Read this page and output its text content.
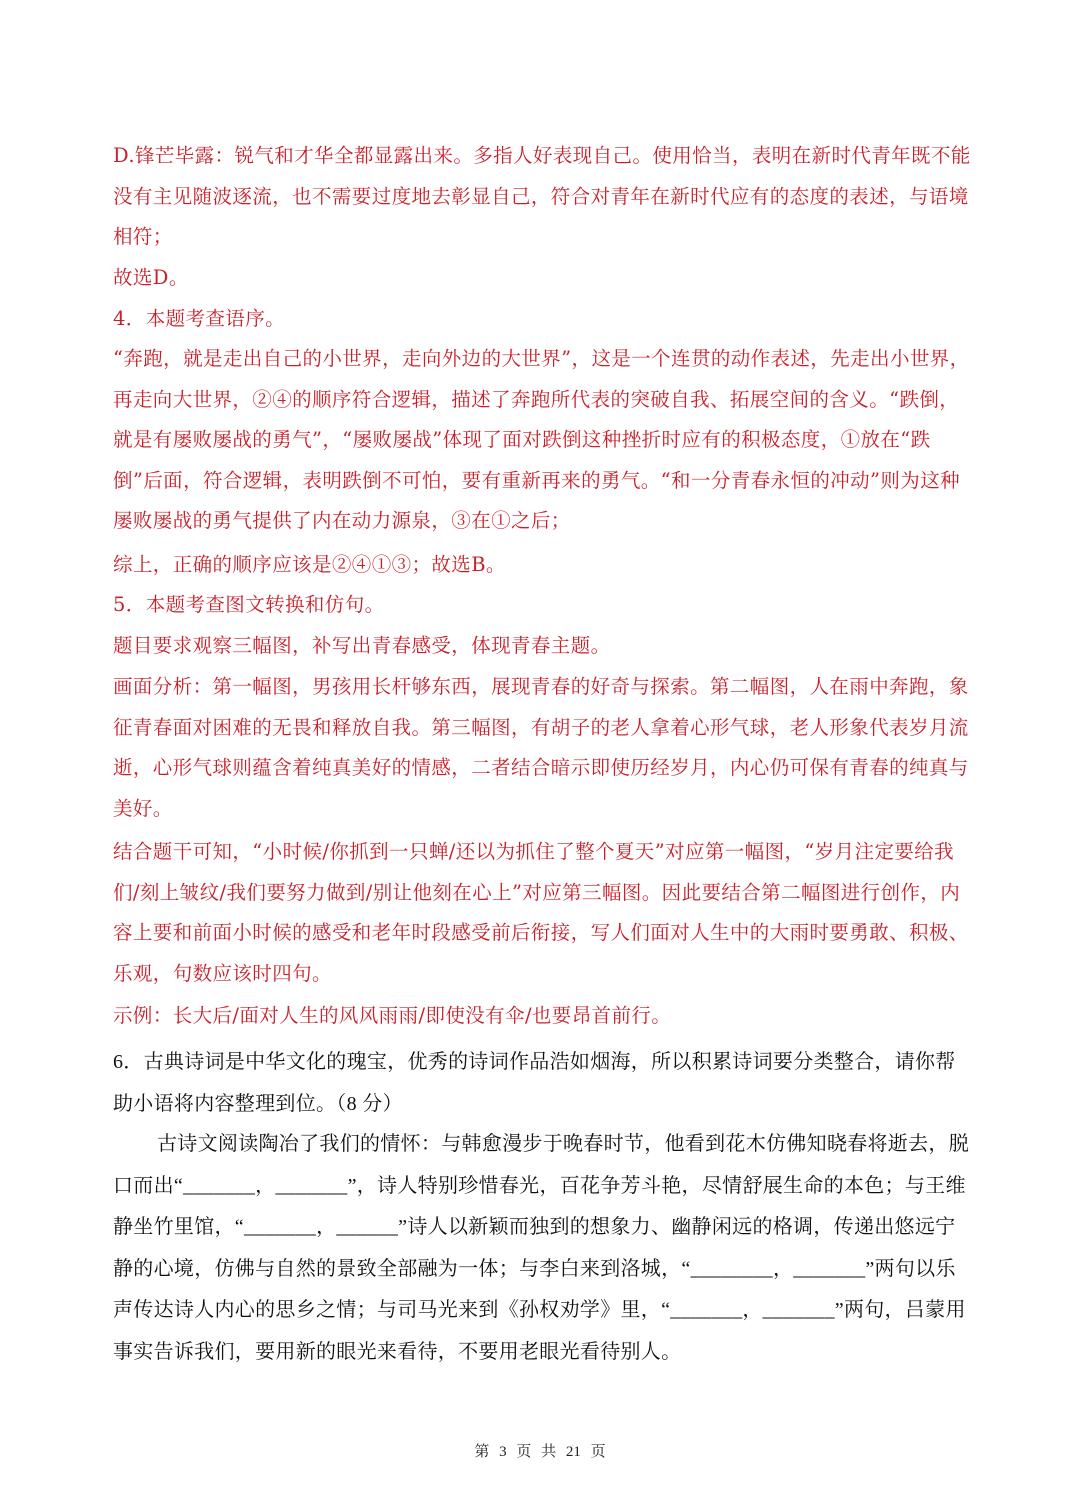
D.锋芒毕露：锐气和才华全都显露出来。多指人好表现自己。使用恰当，表明在新时代青年既不能没有主见随波逐流，也不需要过度地去彰显自己，符合对青年在新时代应有的态度的表述，与语境相符；
故选D。
4．本题考查语序。
“奔跑，就是走出自己的小世界，走向外边的大世界”，这是一个连贯的动作表述，先走出小世界，再走向大世界，②④的顺序符合逻辑，描述了奔跑所代表的突破自我、拓展空间的含义。“跌倒，就是有屡败屡战的勇气”，“屡败屡战”体现了面对跌倒这种挫折时应有的积极态度，①放在“跌倒”后面，符合逻辑，表明跌倒不可怕，要有重新再来的勇气。“和一分青春永恒的冲动”则为这种屡败屡战的勇气提供了内在动力源泉，③在①之后；
综上，正确的顺序应该是②④①③；故选B。
5．本题考查图文转换和仿句。
题目要求观察三幅图，补写出青春感受，体现青春主题。
画面分析：第一幅图，男孩用长杆够东西，展现青春的好奇与探索。第二幅图，人在雨中奔跑，象征青春面对困难的无畏和释放自我。第三幅图，有胡子的老人拿着心形气球，老人形象代表岁月流逝，心形气球则蕴含着纯真美好的情感，二者结合暗示即使历经岁月，内心仍可保有青春的纯真与美好。
结合题干可知，“小时候/你抓到一只蝉/还以为抓住了整个夏天”对应第一幅图，“岁月注定要给我们/刻上皱纹/我们要努力做到/别让他刻在心上”对应第三幅图。因此要结合第二幅图进行创作，内容上要和前面小时候的感受和老年时段感受前后衔接，写人们面对人生中的大雨时要勇敢、积极、乐观，句数应该时四句。
示例：长大后/面对人生的风风雨雨/即使没有伞/也要昂首前行。
6．古典诗词是中华文化的瑰宝，优秀的诗词作品浩如烟海，所以积累诗词要分类整合，请你帮助小语将内容整理到位。（8 分）
古诗文阅读陶冶了我们的情怀：与韩愈漫步于晚春时节，他看到花木仿佛知晓春将逝去，脱口而出“_______，_______”，诗人特别珍惜春光，百花争芳斗艳，尽情舒展生命的本色；与王维静坐竹里馆，“_______，______”诗人以新颖而独到的想象力、幽静闲远的格调，传递出悠远宁静的心境，仿佛与自然的景致全部融为一体；与李白来到洛城，“________，_______”两句以乐声传达诗人内心的思乡之情；与司马光来到《孙权劝学》里，“_______，_______”两句，吕蒙用事实告诉我们，要用新的眼光来看待，不要用老眼光看待别人。
第 3 页 共 21 页
